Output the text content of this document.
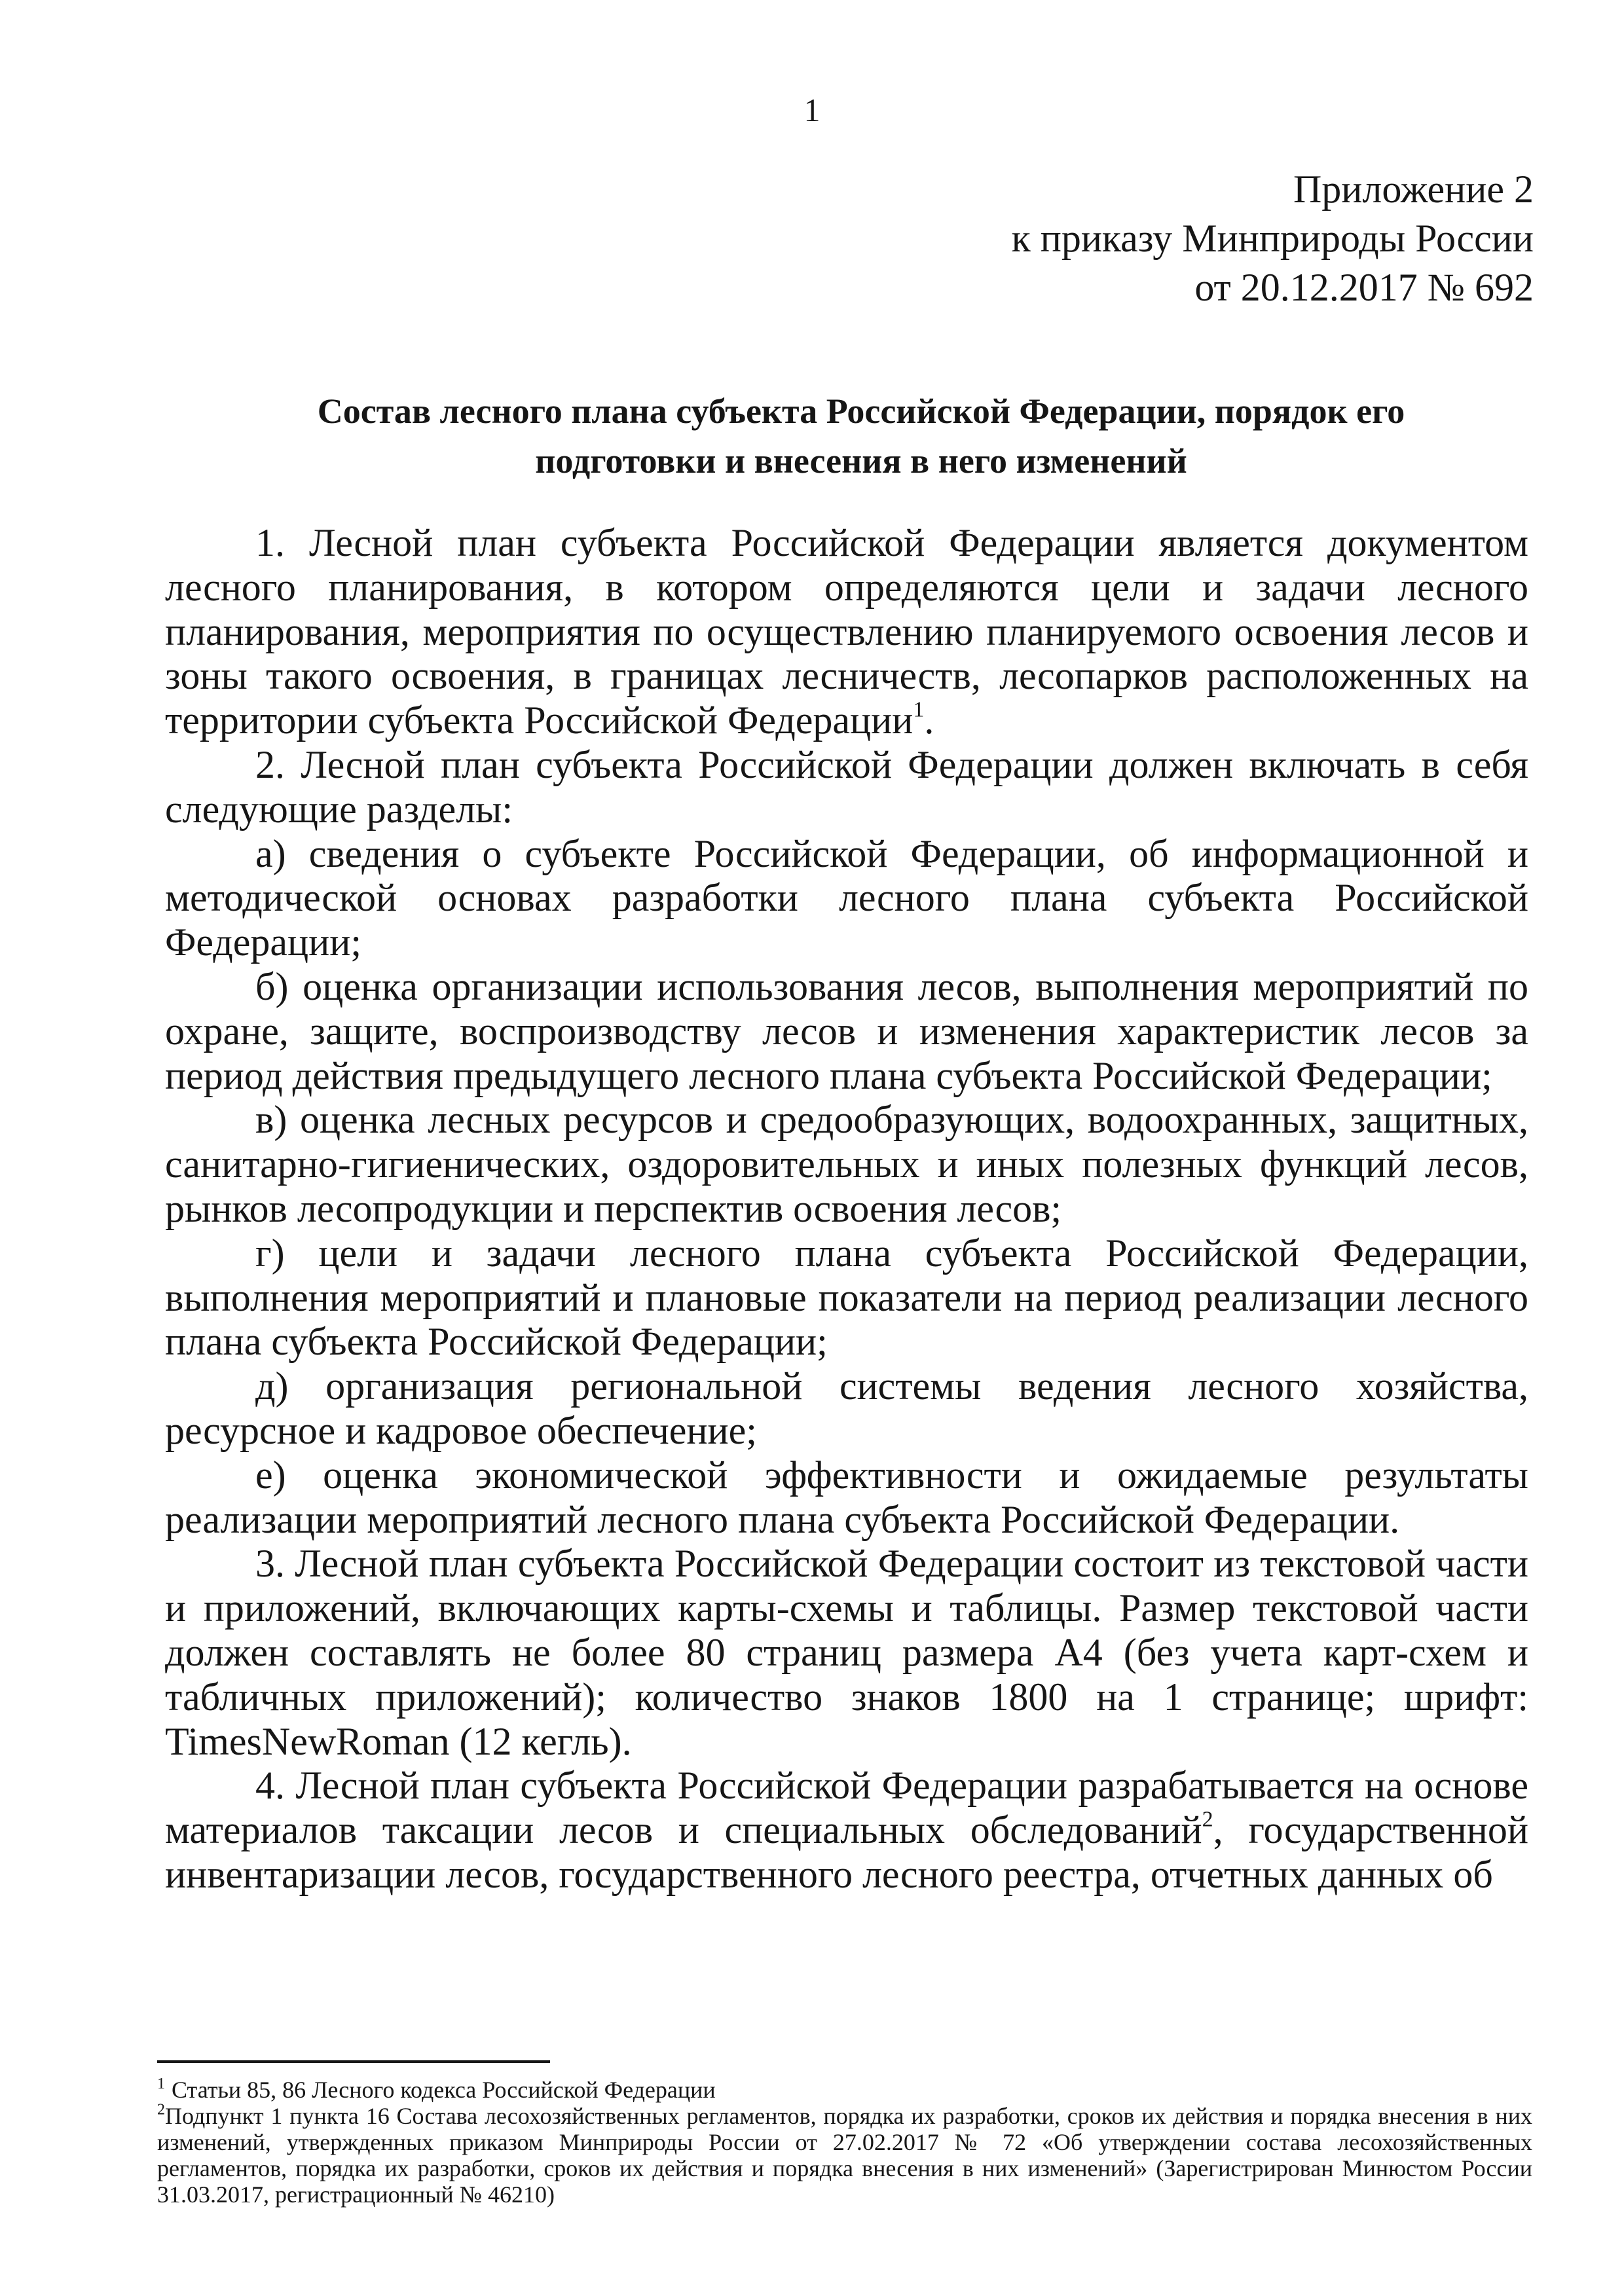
1
Приложение 2
к приказу Минприроды России
от 20.12.2017 № 692
Состав лесного плана субъекта Российской Федерации, порядок его
подготовки и внесения в него изменений

1. Лесной план субъекта Российской Федерации является документом лесного планирования, в котором определяются цели и задачи лесного планирования, мероприятия по осуществлению планируемого освоения лесов и зоны такого освоения, в границах лесничеств, лесопарков расположенных на территории субъекта Российской Федерации$^1$.

2. Лесной план субъекта Российской Федерации должен включать в себя следующие разделы:

а) сведения о субъекте Российской Федерации, об информационной и методической основах разработки лесного плана субъекта Российской Федерации;

б) оценка организации использования лесов, выполнения мероприятий по охране, защите, воспроизводству лесов и изменения характеристик лесов за период действия предыдущего лесного плана субъекта Российской Федерации;

в) оценка лесных ресурсов и средообразующих, водоохранных, защитных, санитарно-гигиенических, оздоровительных и иных полезных функций лесов, рынков лесопродукции и перспектив освоения лесов;

г) цели и задачи лесного плана субъекта Российской Федерации, выполнения мероприятий и плановые показатели на период реализации лесного плана субъекта Российской Федерации;

д) организация региональной системы ведения лесного хозяйства, ресурсное и кадровое обеспечение;

е) оценка экономической эффективности и ожидаемые результаты реализации мероприятий лесного плана субъекта Российской Федерации.

3. Лесной план субъекта Российской Федерации состоит из текстовой части и приложений, включающих карты-схемы и таблицы. Размер текстовой части должен составлять не более 80 страниц размера А4 (без учета карт-схем и табличных приложений); количество знаков 1800 на 1 странице; шрифт: TimesNewRoman (12 кегль).

4. Лесной план субъекта Российской Федерации разрабатывается на основе материалов таксации лесов и специальных обследований$^2$, государственной инвентаризации лесов, государственного лесного реестра, отчетных данных об

$^1$ Статьи 85, 86 Лесного кодекса Российской Федерации

$^2$Подпункт 1 пункта 16 Состава лесохозяйственных регламентов, порядка их разработки, сроков их действия и порядка внесения в них изменений, утвержденных приказом Минприроды России от 27.02.2017 № 72 «Об утверждении состава лесохозяйственных регламентов, порядка их разработки, сроков их действия и порядка внесения в них изменений» (Зарегистрирован Минюстом России 31.03.2017, регистрационный № 46210)
